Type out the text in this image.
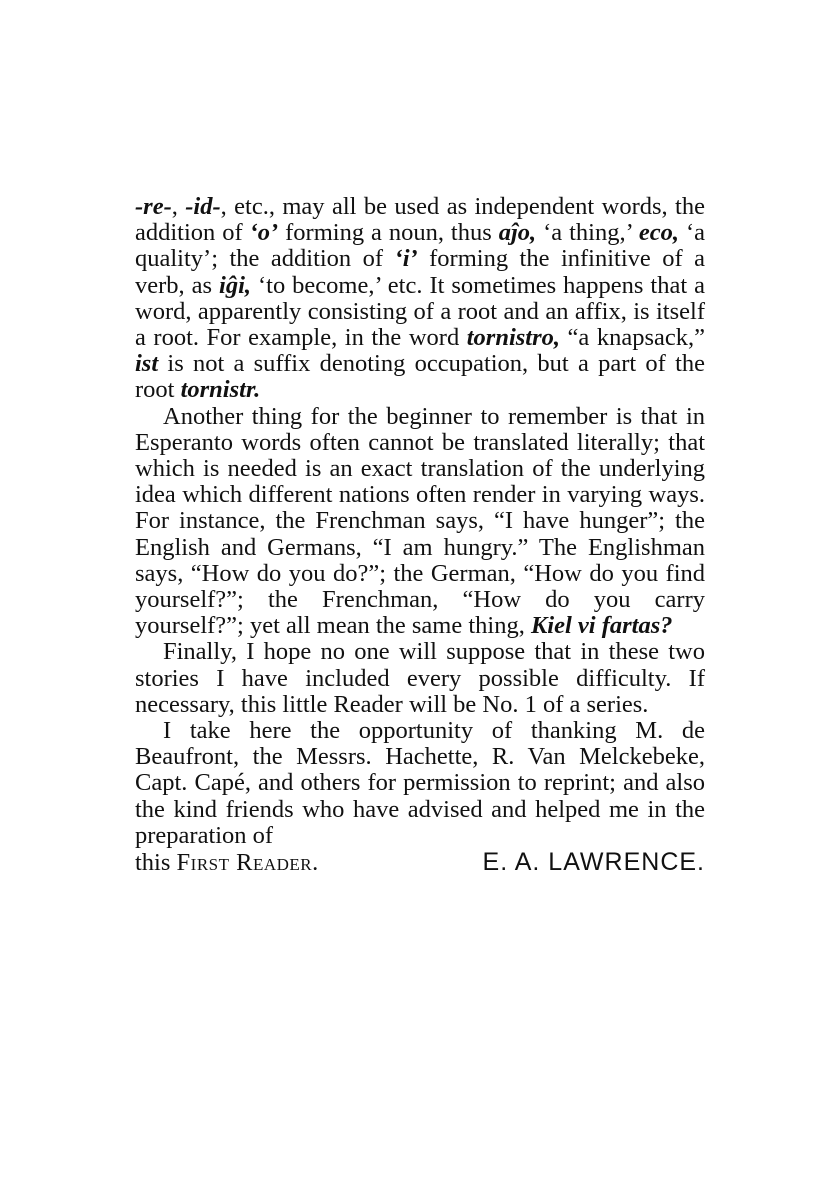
-re-, -id-, etc., may all be used as independent words, the addition of ‘o’ forming a noun, thus aĵo, ‘a thing,’ eco, ‘a quality’; the addition of ‘i’ forming the infinitive of a verb, as iĝi, ‘to become,’ etc. It sometimes happens that a word, apparently consisting of a root and an affix, is itself a root. For example, in the word tornistro, “a knapsack,” ist is not a suffix denoting occupation, but a part of the root tornistr.

Another thing for the beginner to remember is that in Esperanto words often cannot be translated literally; that which is needed is an exact translation of the underlying idea which different nations often render in varying ways. For instance, the Frenchman says, “I have hunger”; the English and Germans, “I am hungry.” The Englishman says, “How do you do?”; the German, “How do you find yourself?”; the Frenchman, “How do you carry yourself?”; yet all mean the same thing, Kiel vi fartas?

Finally, I hope no one will suppose that in these two stories I have included every possible difficulty. If necessary, this little Reader will be No. 1 of a series.

I take here the opportunity of thanking M. de Beaufront, the Messrs. Hachette, R. Van Melckebeke, Capt. Capé, and others for permission to reprint; and also the kind friends who have advised and helped me in the preparation of

this First Reader.	E. A. LAWRENCE.
